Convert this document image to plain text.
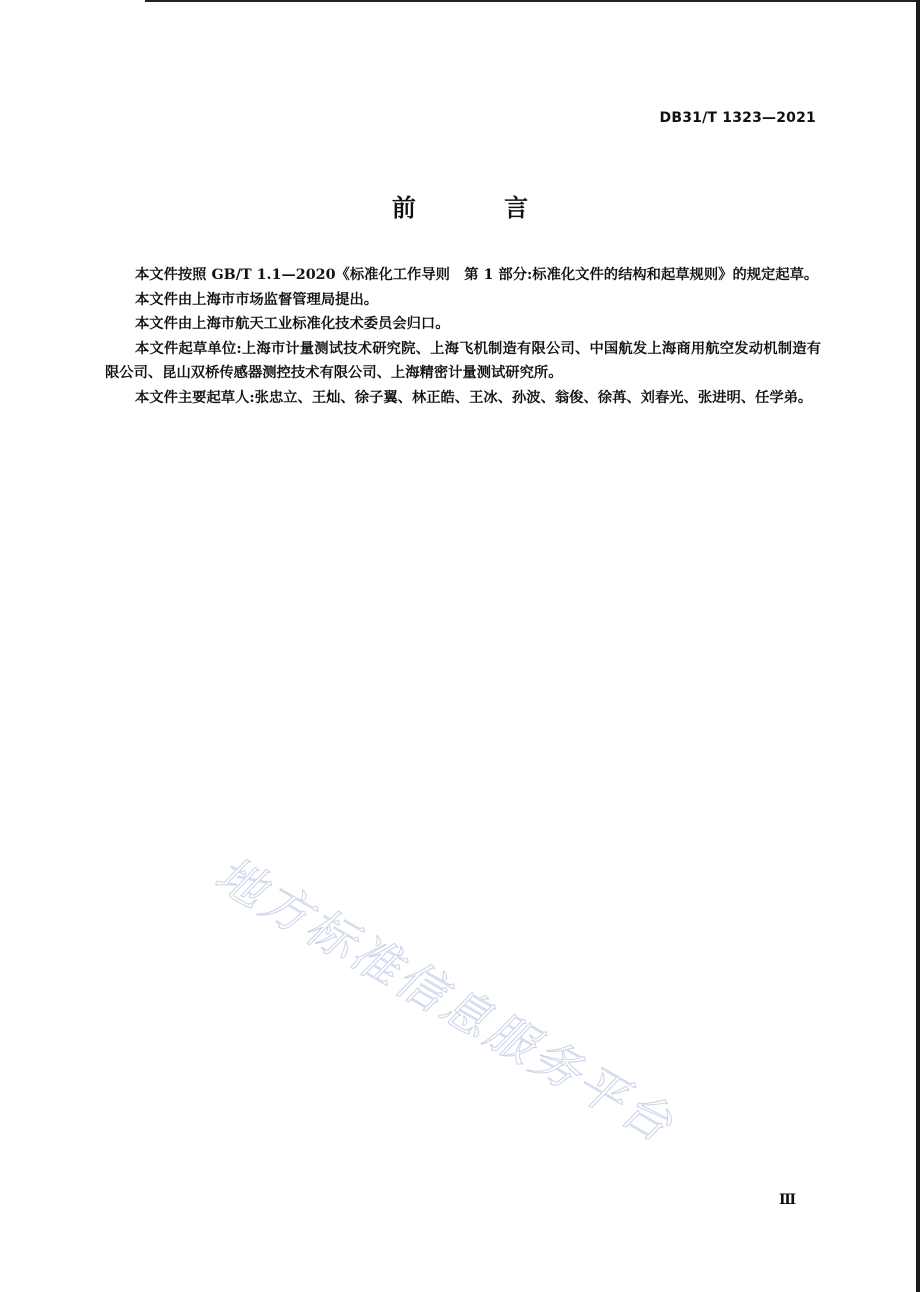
DB31/T 1323—2021
前 言

本文件按照 GB/T 1.1—2020《标准化工作导则　第 1 部分:标准化文件的结构和起草规则》的规定起草。

本文件由上海市市场监督管理局提出。

本文件由上海市航天工业标准化技术委员会归口。

本文件起草单位:上海市计量测试技术研究院、上海飞机制造有限公司、中国航发上海商用航空发动机制造有限公司、昆山双桥传感器测控技术有限公司、上海精密计量测试研究所。

本文件主要起草人:张忠立、王灿、徐子翼、林正皓、王冰、孙波、翁俊、徐苒、刘春光、张进明、任学弟。

地方标准信息服务平台
Ⅲ
